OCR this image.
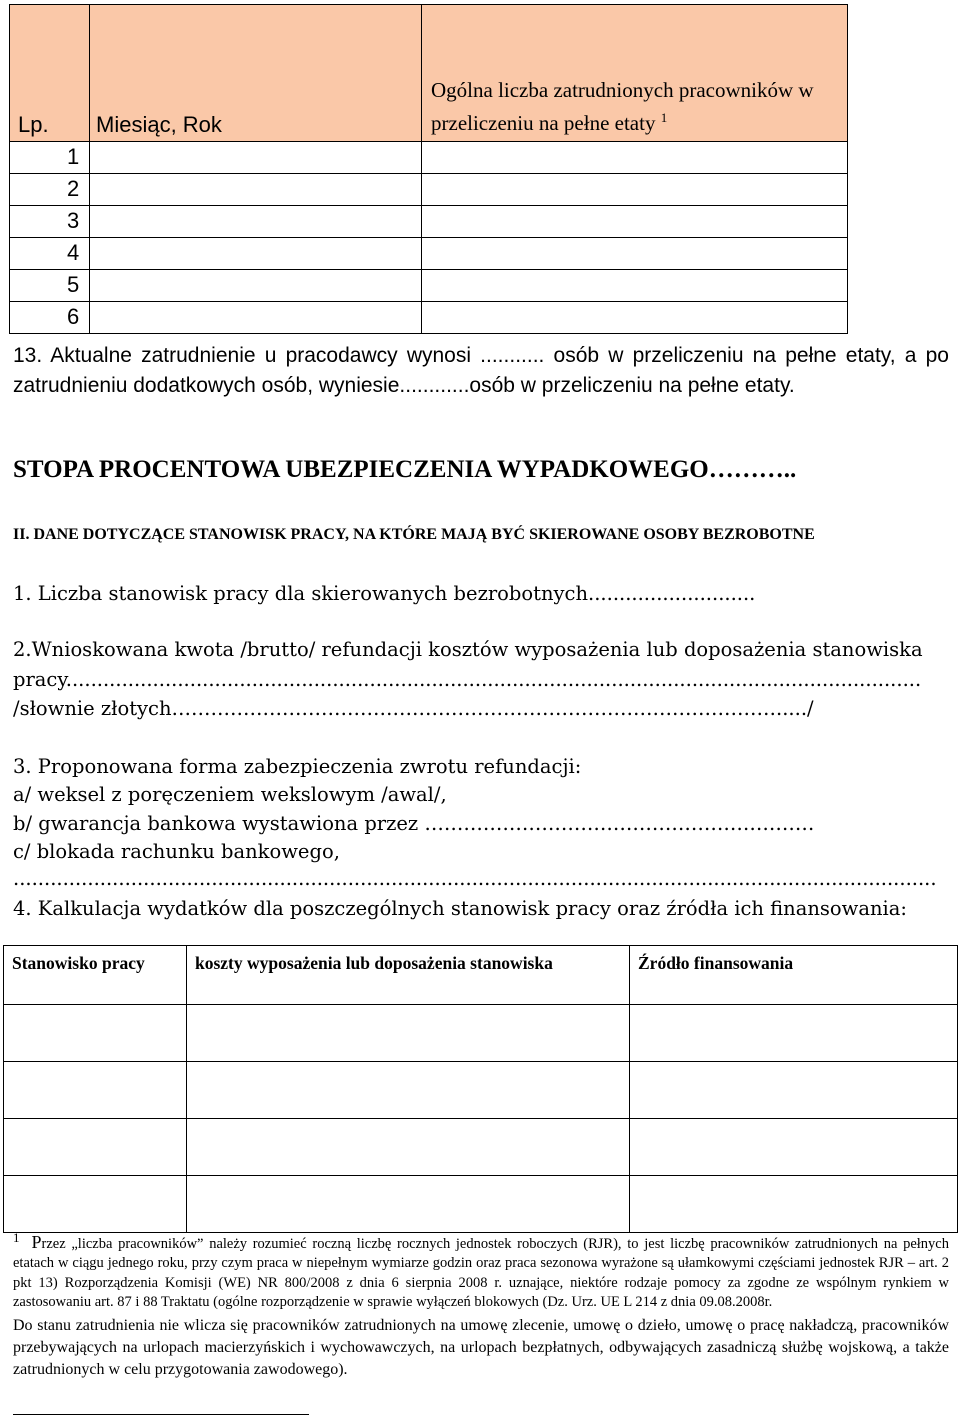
Lp.	Miesiąc, Rok	Ogólna liczba zatrudnionych pracowników w przeliczeniu na pełne etaty $^1$
1		
2		
3		
4		
5		
6		
13. Aktualne zatrudnienie u pracodawcy wynosi ........... osób w przeliczeniu na pełne etaty, a po zatrudnieniu dodatkowych osób, wyniesie............osób w przeliczeniu na pełne etaty.
STOPA PROCENTOWA UBEZPIECZENIA WYPADKOWEGO………..
II. DANE DOTYCZĄCE STANOWISK PRACY, NA KTÓRE MAJĄ BYĆ SKIEROWANE OSOBY BEZROBOTNE
1. Liczba stanowisk pracy dla skierowanych bezrobotnych...........................
2.Wnioskowana kwota /brutto/ refundacji kosztów wyposażenia lub doposażenia stanowiska
pracy..........................................................................................................................................
/słownie złotych…………………………………………………………………………………...../
3. Proponowana forma zabezpieczenia zwrotu refundacji:
a/ weksel z poręczeniem wekslowym /awal/,
b/ gwarancja bankowa wystawiona przez ……………………………………………………
c/ blokada rachunku bankowego,
.....................................................................................................................................................
4. Kalkulacja wydatków dla poszczególnych stanowisk pracy oraz źródła ich finansowania:
Stanowisko pracy	koszty wyposażenia lub doposażenia stanowiska	Źródło finansowania

1 Przez „liczba pracowników” należy rozumieć roczną liczbę rocznych jednostek roboczych (RJR), to jest liczbę pracowników zatrudnionych na pełnych etatach w ciągu jednego roku, przy czym praca w niepełnym wymiarze godzin oraz praca sezonowa wyrażone są ułamkowymi częściami jednostek RJR – art. 2 pkt 13) Rozporządzenia Komisji (WE) NR 800/2008 z dnia 6 sierpnia 2008 r. uznające, niektóre rodzaje pomocy za zgodne ze wspólnym rynkiem w zastosowaniu art. 87 i 88 Traktatu (ogólne rozporządzenie w sprawie wyłączeń blokowych (Dz. Urz. UE L 214 z dnia 09.08.2008r.

Do stanu zatrudnienia nie wlicza się pracowników zatrudnionych na umowę zlecenie, umowę o dzieło, umowę o pracę nakładczą, pracowników przebywających na urlopach macierzyńskich i wychowawczych, na urlopach bezpłatnych, odbywających zasadniczą służbę wojskową, a także zatrudnionych w celu przygotowania zawodowego).
